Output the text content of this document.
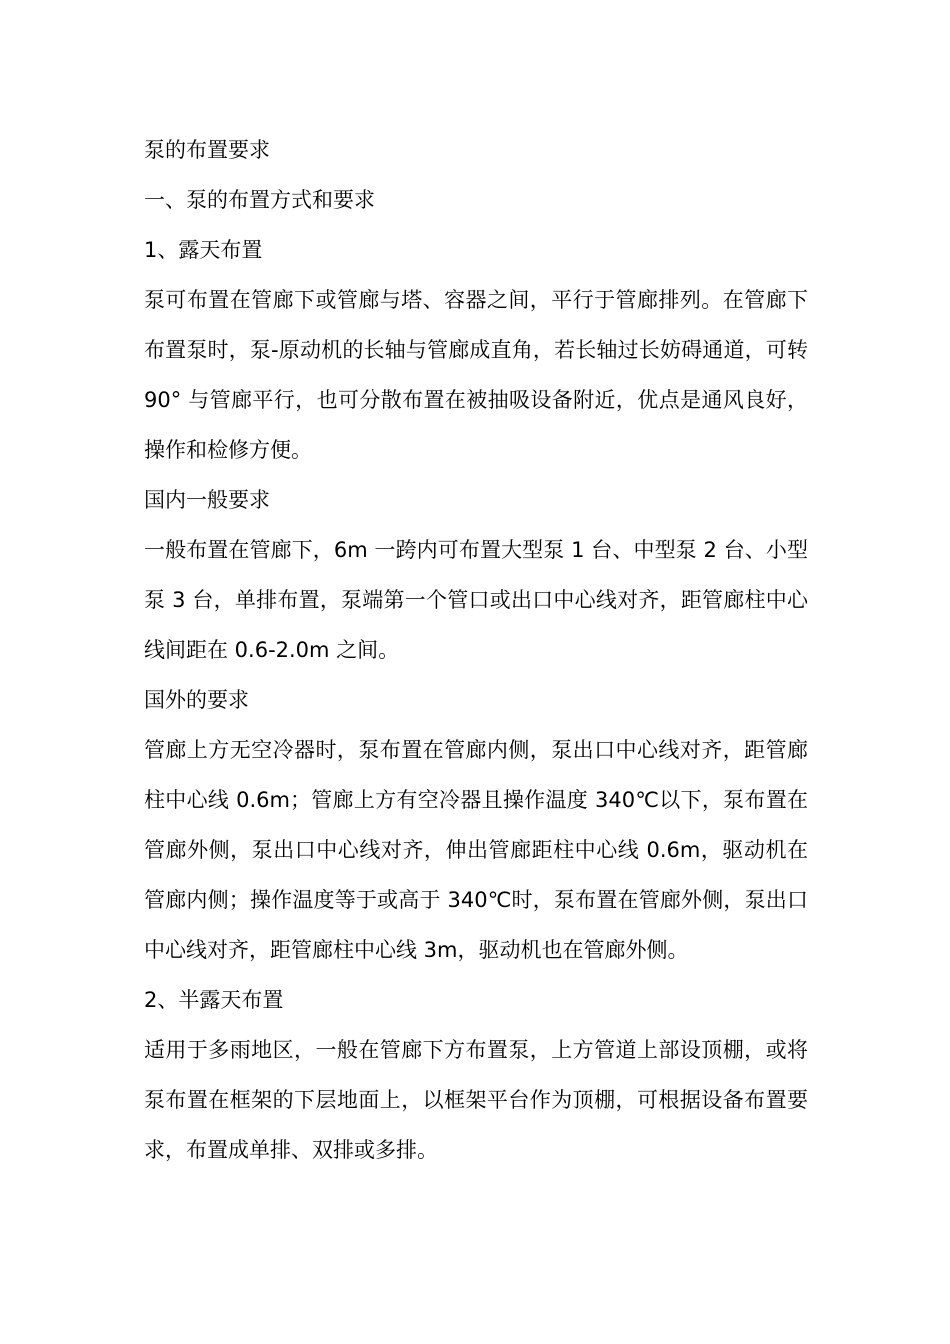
泵的布置要求

一、泵的布置方式和要求

1、露天布置

泵可布置在管廊下或管廊与塔、容器之间，平行于管廊排列。在管廊下布置泵时，泵-原动机的长轴与管廊成直角，若长轴过长妨碍通道，可转 90° 与管廊平行，也可分散布置在被抽吸设备附近，优点是通风良好，操作和检修方便。

国内一般要求

一般布置在管廊下，6m 一跨内可布置大型泵 1 台、中型泵 2 台、小型泵 3 台，单排布置，泵端第一个管口或出口中心线对齐，距管廊柱中心线间距在 0.6-2.0m 之间。

国外的要求

管廊上方无空冷器时，泵布置在管廊内侧，泵出口中心线对齐，距管廊柱中心线 0.6m；管廊上方有空冷器且操作温度 340℃以下，泵布置在管廊外侧，泵出口中心线对齐，伸出管廊距柱中心线 0.6m，驱动机在管廊内侧；操作温度等于或高于 340℃时，泵布置在管廊外侧，泵出口中心线对齐，距管廊柱中心线 3m，驱动机也在管廊外侧。

2、半露天布置

适用于多雨地区，一般在管廊下方布置泵，上方管道上部设顶棚，或将泵布置在框架的下层地面上，以框架平台作为顶棚，可根据设备布置要求，布置成单排、双排或多排。
